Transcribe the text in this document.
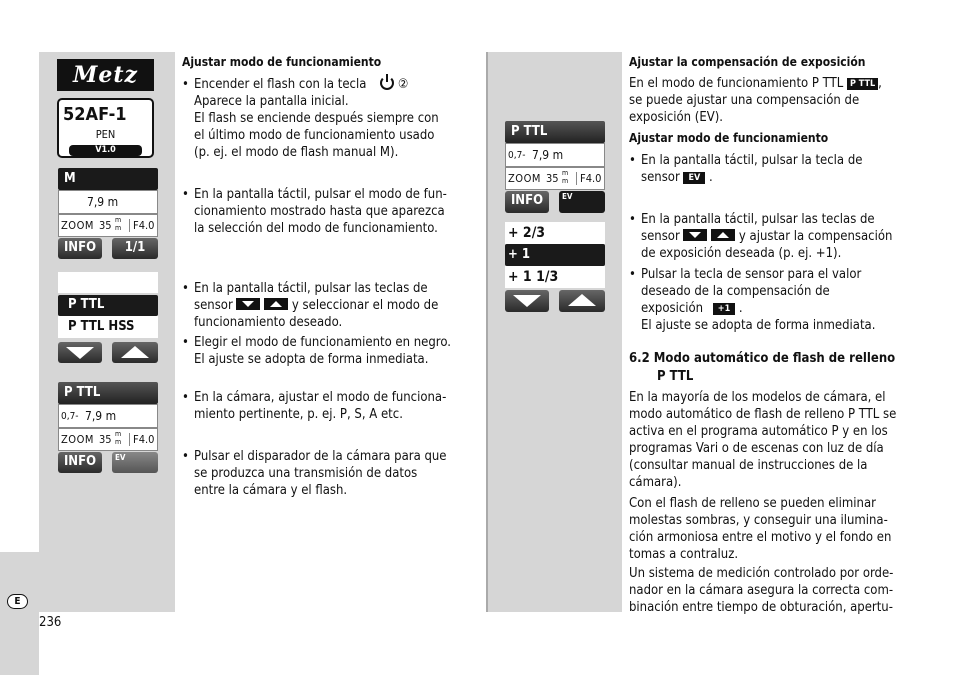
E
236
Metz
52AF-1
PEN
V1.0
M
7,9 m
ZOOM 35 m
m	F4.0
INFO	1/1
P TTL
P TTL HSS
P TTL
0,7- 7,9 m
ZOOM 35 m
m	F4.0
INFO	EV
Ajustar modo de funcionamiento
• Encender el flash con la tecla ②
Aparece la pantalla inicial.
El flash se enciende después siempre con
el último modo de funcionamiento usado
(p. ej. el modo de flash manual M).
• En la pantalla táctil, pulsar el modo de fun-
cionamiento mostrado hasta que aparezca
la selección del modo de funcionamiento.
• En la pantalla táctil, pulsar las teclas de
sensor
	y seleccionar el modo de
funcionamiento deseado.
• Elegir el modo de funcionamiento en negro.
El ajuste se adopta de forma inmediata.
• En la cámara, ajustar el modo de funciona-
miento pertinente, p. ej. P, S, A etc.
• Pulsar el disparador de la cámara para que
se produzca una transmisión de datos
entre la cámara y el flash.
P TTL
0,7- 7,9 m
ZOOM 35 m
m	F4.0
INFO	EV
+ 2/3
+ 1
+ 1 1/3
Ajustar la compensación de exposición
En el modo de funcionamiento P TTL P TTL ,
se puede ajustar una compensación de
exposición (EV).
Ajustar modo de funcionamiento
• En la pantalla táctil, pulsar la tecla de
sensor EV .
• En la pantalla táctil, pulsar las teclas de
sensor
	y ajustar la compensación
de exposición deseada (p. ej. +1).
• Pulsar la tecla de sensor para el valor
deseado de la compensación de
exposición +1 .
El ajuste se adopta de forma inmediata.
6.2 Modo automático de flash de relleno
P TTL
En la mayoría de los modelos de cámara, el
modo automático de flash de relleno P TTL se
activa en el programa automático P y en los
programas Vari o de escenas con luz de día
(consultar manual de instrucciones de la
cámara).
Con el flash de relleno se pueden eliminar
molestas sombras, y conseguir una ilumina-
ción armoniosa entre el motivo y el fondo en
tomas a contraluz.
Un sistema de medición controlado por orde-
nador en la cámara asegura la correcta com-
binación entre tiempo de obturación, apertu-
